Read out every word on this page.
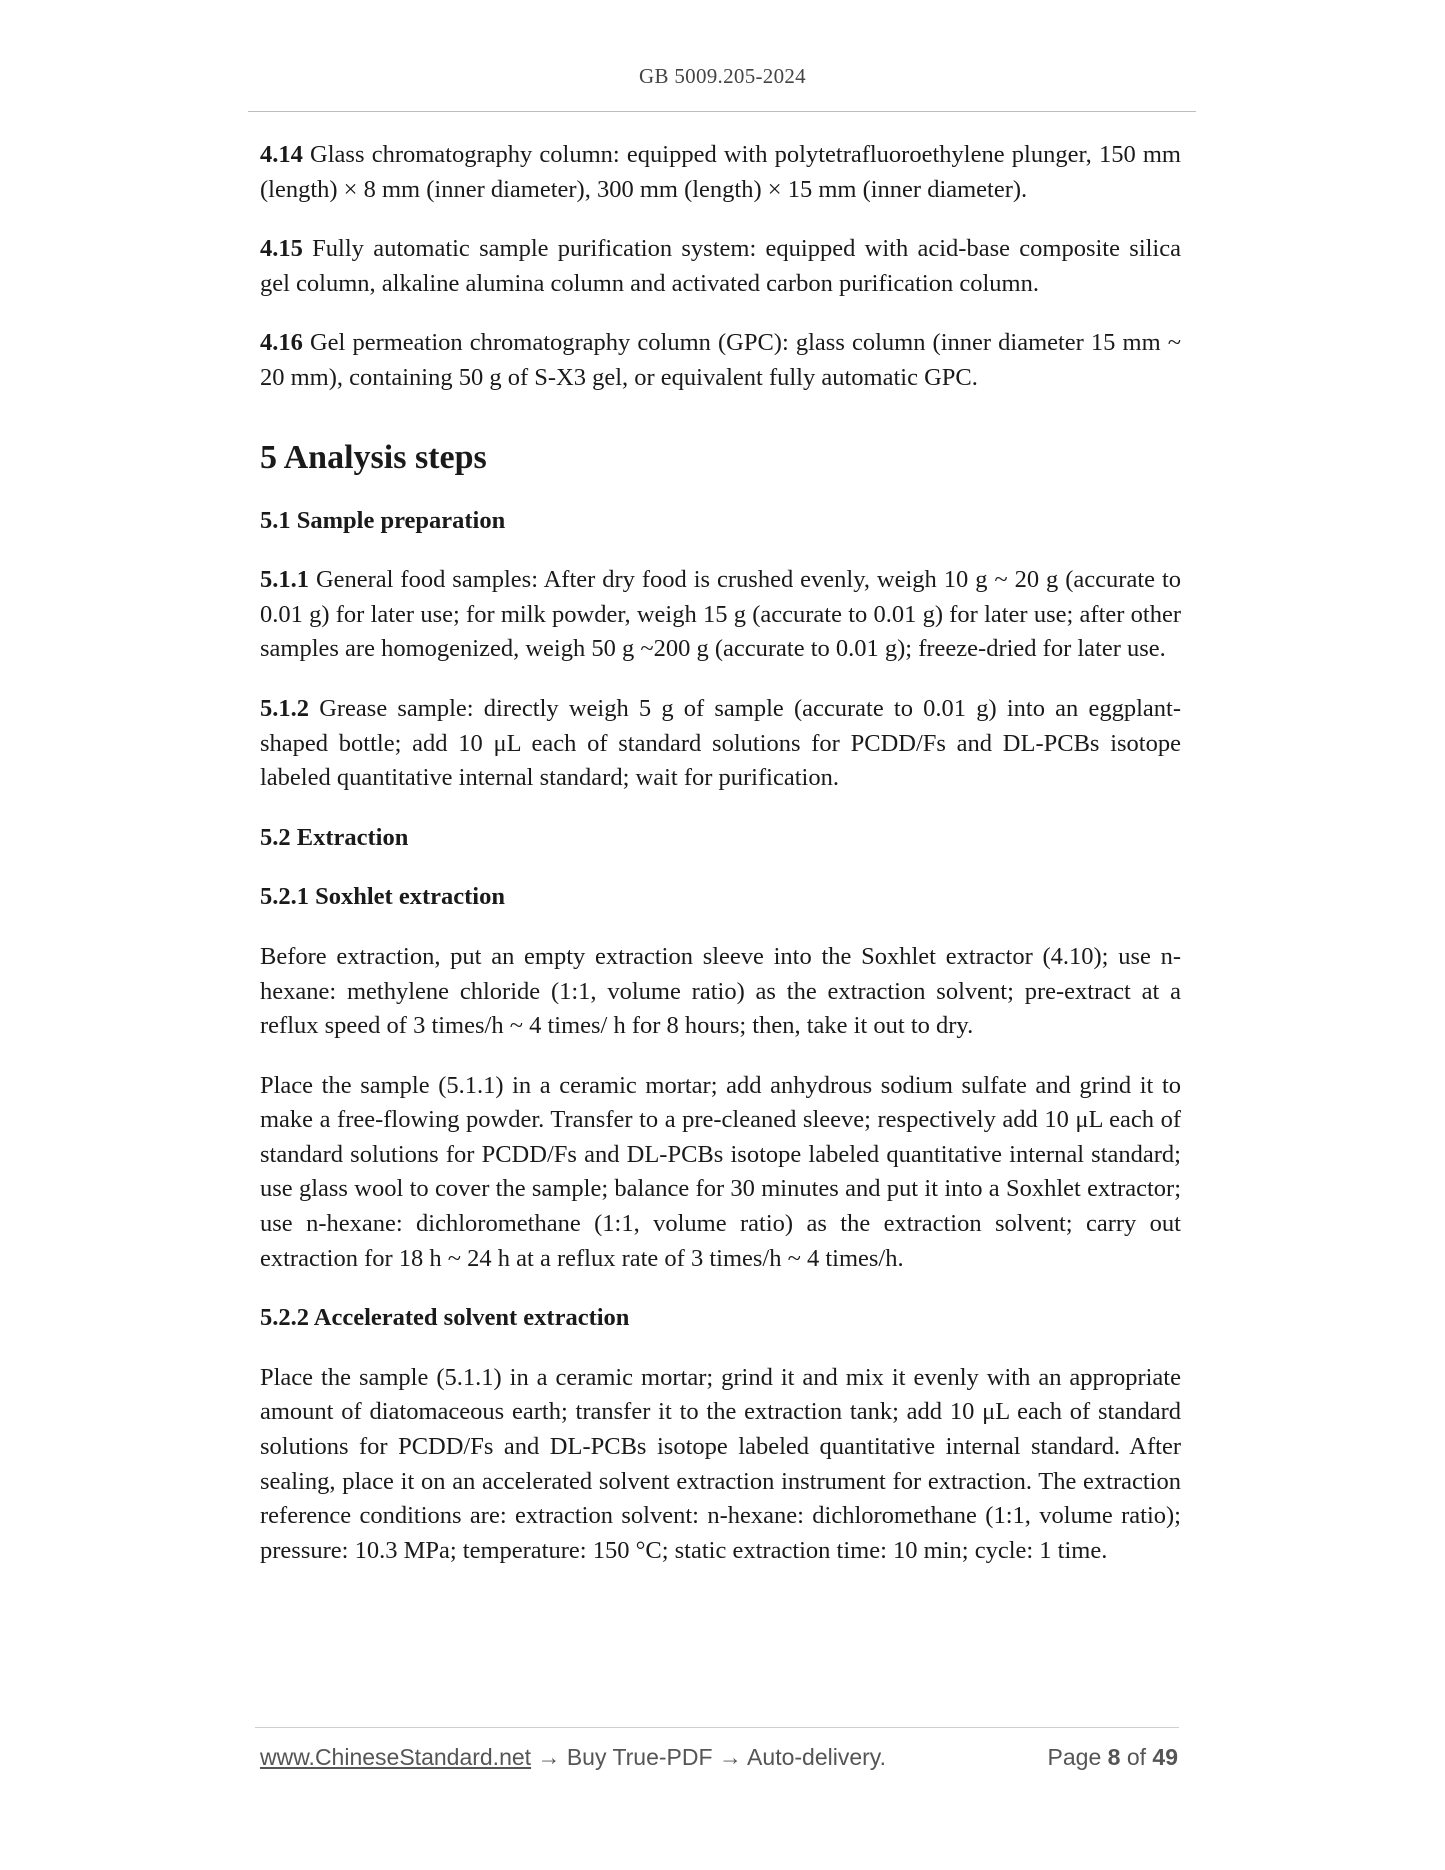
GB 5009.205-2024

4.14 Glass chromatography column: equipped with polytetrafluoroethylene plunger, 150 mm (length) × 8 mm (inner diameter), 300 mm (length) × 15 mm (inner diameter).

4.15 Fully automatic sample purification system: equipped with acid-base composite silica gel column, alkaline alumina column and activated carbon purification column.

4.16 Gel permeation chromatography column (GPC): glass column (inner diameter 15 mm ~ 20 mm), containing 50 g of S-X3 gel, or equivalent fully automatic GPC.

5 Analysis steps
5.1 Sample preparation

5.1.1 General food samples: After dry food is crushed evenly, weigh 10 g ~ 20 g (accurate to 0.01 g) for later use; for milk powder, weigh 15 g (accurate to 0.01 g) for later use; after other samples are homogenized, weigh 50 g ~200 g (accurate to 0.01 g); freeze-dried for later use.

5.1.2 Grease sample: directly weigh 5 g of sample (accurate to 0.01 g) into an eggplant-shaped bottle; add 10 μL each of standard solutions for PCDD/Fs and DL-PCBs isotope labeled quantitative internal standard; wait for purification.

5.2 Extraction
5.2.1 Soxhlet extraction

Before extraction, put an empty extraction sleeve into the Soxhlet extractor (4.10); use n-hexane: methylene chloride (1:1, volume ratio) as the extraction solvent; pre-extract at a reflux speed of 3 times/h ~ 4 times/ h for 8 hours; then, take it out to dry.

Place the sample (5.1.1) in a ceramic mortar; add anhydrous sodium sulfate and grind it to make a free-flowing powder. Transfer to a pre-cleaned sleeve; respectively add 10 μL each of standard solutions for PCDD/Fs and DL-PCBs isotope labeled quantitative internal standard; use glass wool to cover the sample; balance for 30 minutes and put it into a Soxhlet extractor; use n-hexane: dichloromethane (1:1, volume ratio) as the extraction solvent; carry out extraction for 18 h ~ 24 h at a reflux rate of 3 times/h ~ 4 times/h.

5.2.2 Accelerated solvent extraction

Place the sample (5.1.1) in a ceramic mortar; grind it and mix it evenly with an appropriate amount of diatomaceous earth; transfer it to the extraction tank; add 10 μL each of standard solutions for PCDD/Fs and DL-PCBs isotope labeled quantitative internal standard. After sealing, place it on an accelerated solvent extraction instrument for extraction. The extraction reference conditions are: extraction solvent: n-hexane: dichloromethane (1:1, volume ratio); pressure: 10.3 MPa; temperature: 150 °C; static extraction time: 10 min; cycle: 1 time.

www.ChineseStandard.net → Buy True-PDF → Auto-delivery.	Page 8 of 49
